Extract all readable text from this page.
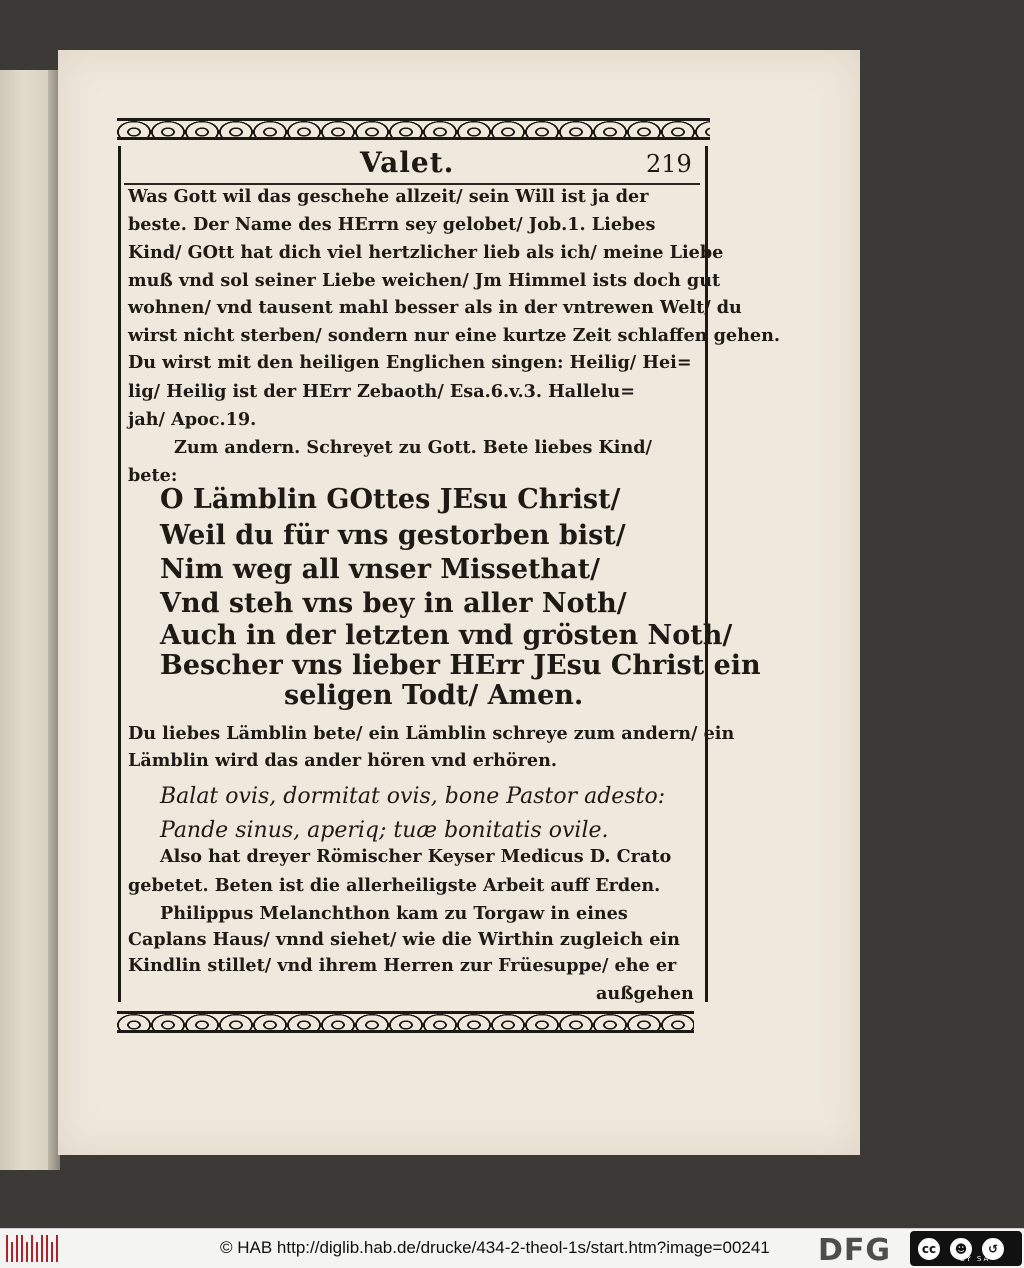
Valet.	219
Was Gott wil das geschehe allzeit/ sein Will ist ja der
beste. Der Name des HErrn sey gelobet/ Job.1. Liebes
Kind/ GOtt hat dich viel hertzlicher lieb als ich/ meine Liebe
muß vnd sol seiner Liebe weichen/ Jm Himmel ists doch gut
wohnen/ vnd tausent mahl besser als in der vntrewen Welt/ du
wirst nicht sterben/ sondern nur eine kurtze Zeit schlaffen gehen.
Du wirst mit den heiligen Englichen singen: Heilig/ Hei=
lig/ Heilig ist der HErr Zebaoth/ Esa.6.v.3. Hallelu=
jah/ Apoc.19.
Zum andern. Schreyet zu Gott. Bete liebes Kind/
bete:
O Lämblin GOttes JEsu Christ/
Weil du für vns gestorben bist/
Nim weg all vnser Missethat/
Vnd steh vns bey in aller Noth/
Auch in der letzten vnd grösten Noth/
Bescher vns lieber HErr JEsu Christ ein
seligen Todt/ Amen.
Du liebes Lämblin bete/ ein Lämblin schreye zum andern/ ein
Lämblin wird das ander hören vnd erhören.
Balat ovis, dormitat ovis, bone Pastor adesto:
Pande sinus, aperiq; tuæ bonitatis ovile.
Also hat dreyer Römischer Keyser Medicus D. Crato
gebetet. Beten ist die allerheiligste Arbeit auff Erden.
Philippus Melanchthon kam zu Torgaw in eines
Caplans Haus/ vnnd siehet/ wie die Wirthin zugleich ein
Kindlin stillet/ vnd ihrem Herren zur Früesuppe/ ehe er
außgehen
© HAB http://diglib.hab.de/drucke/434-2-theol-1s/start.htm?image=00241 DFG	cc	☻	↺
BY SA
